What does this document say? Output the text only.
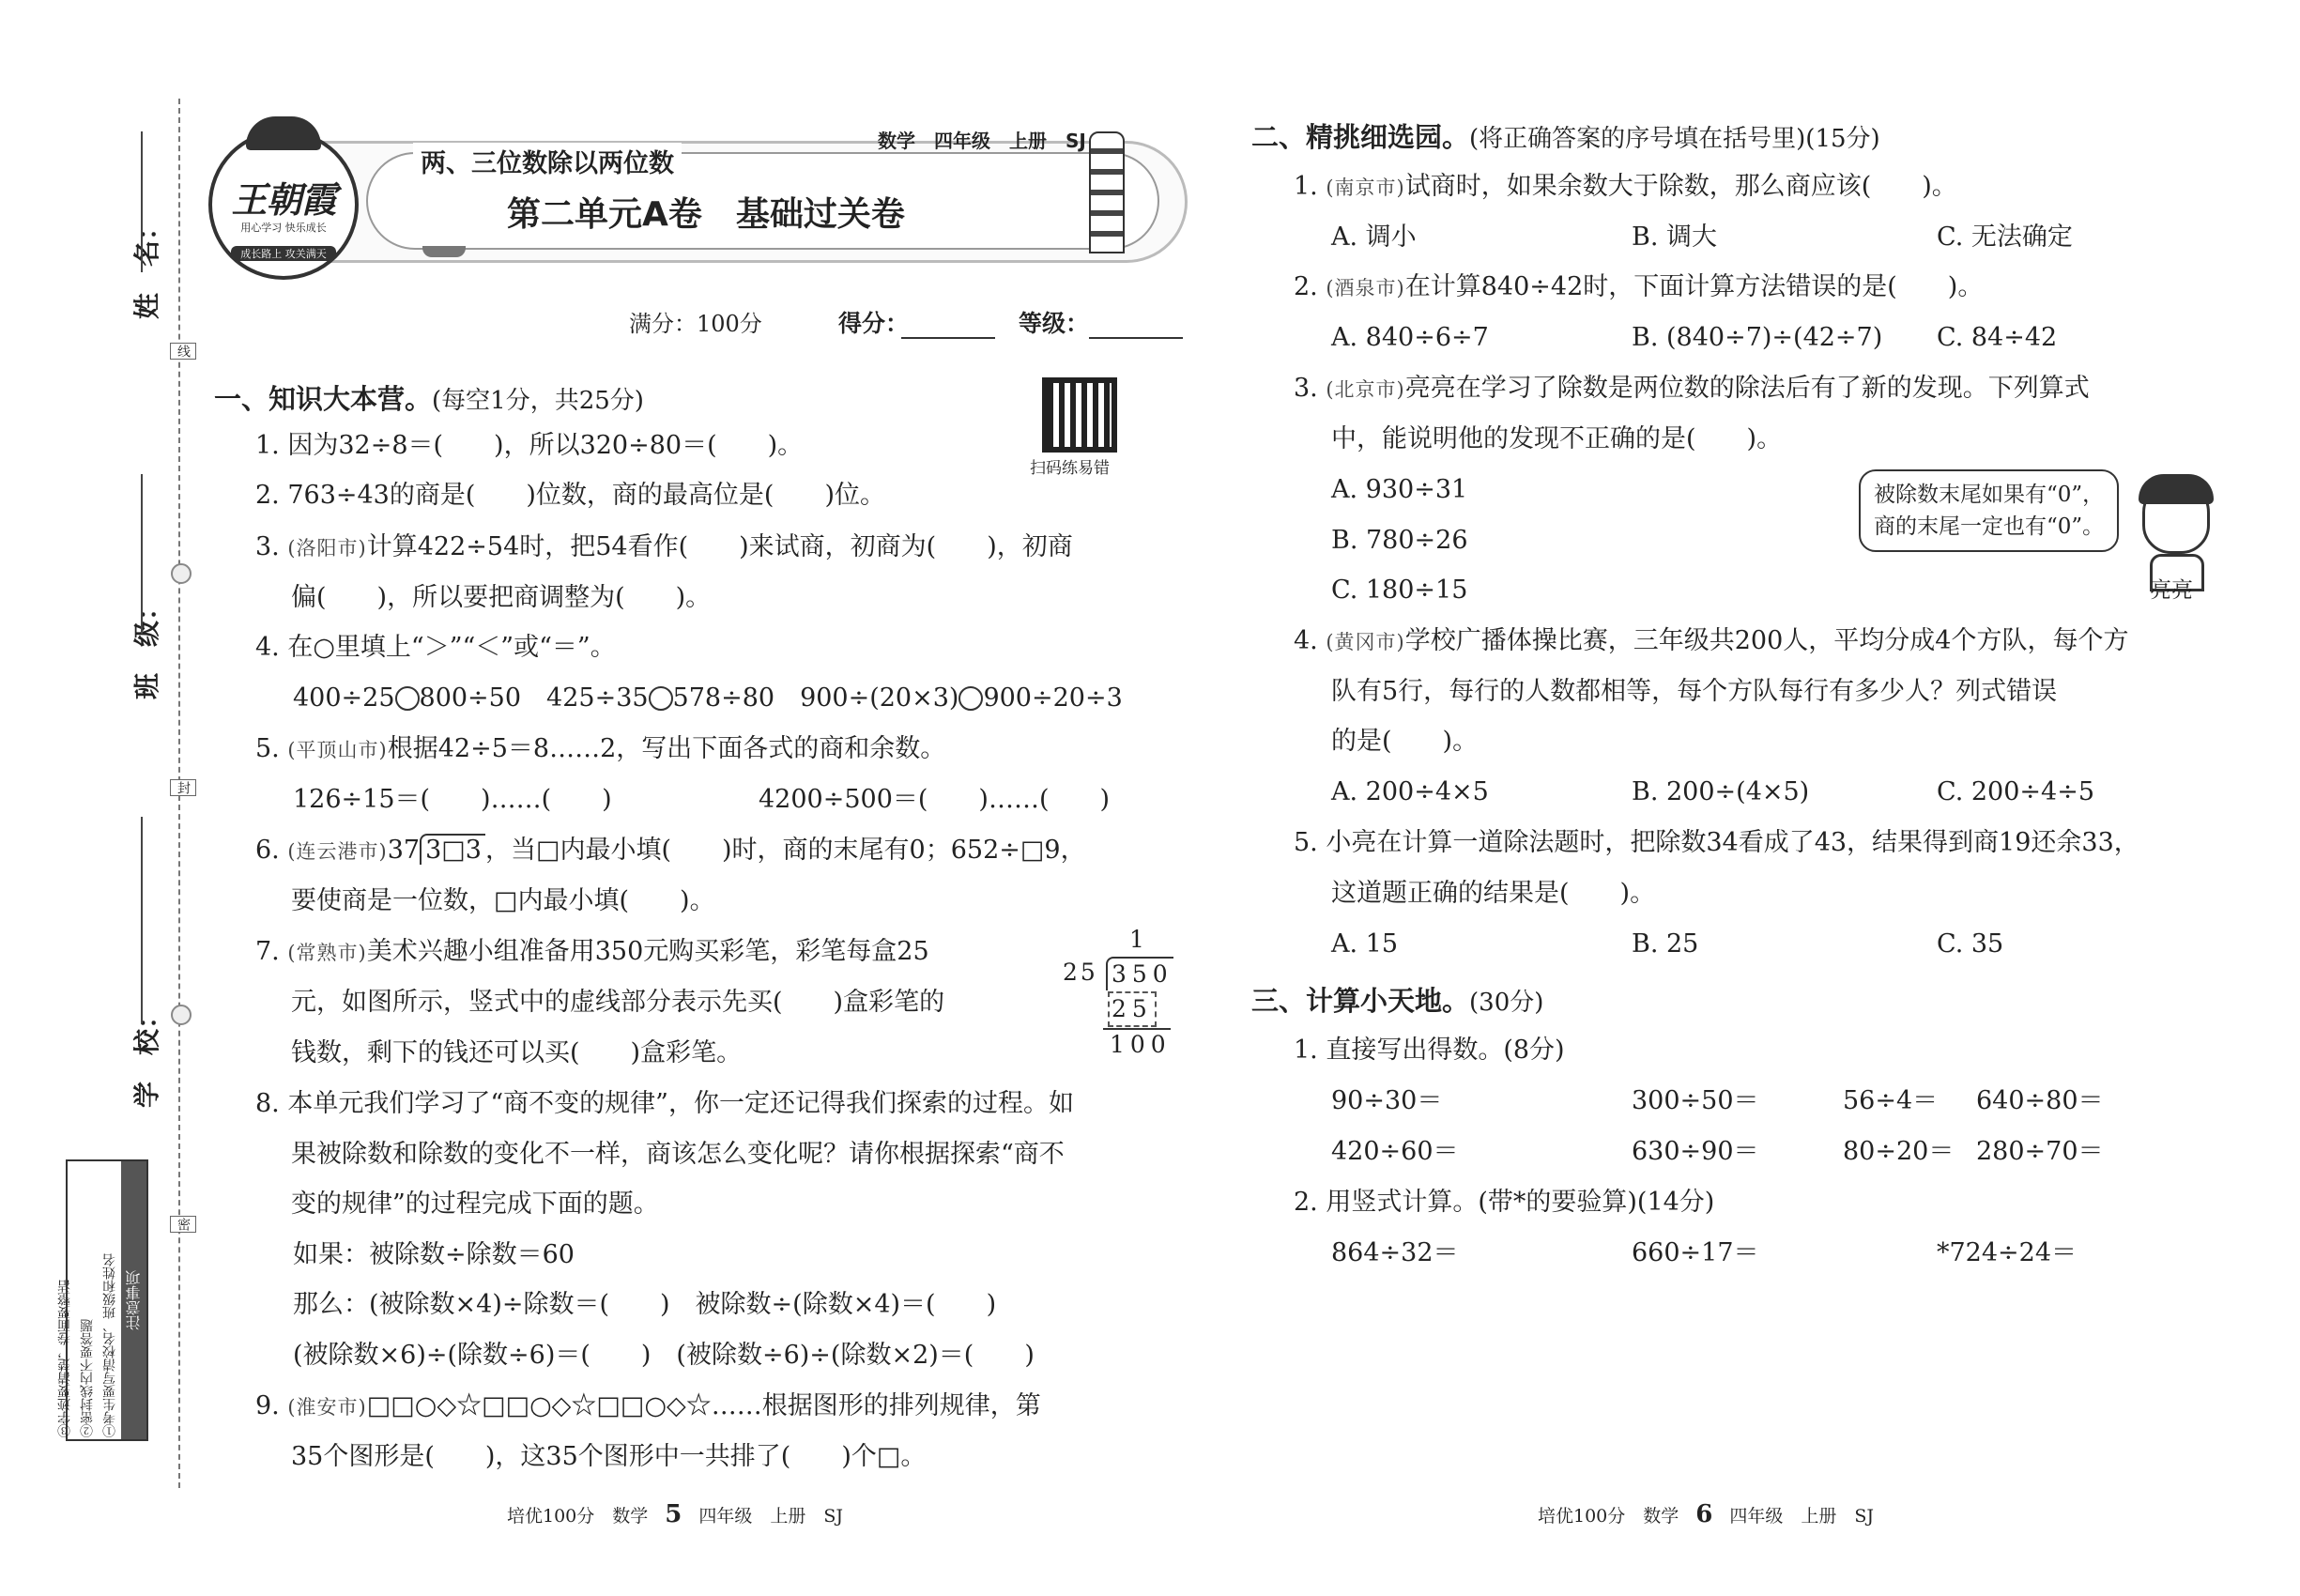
姓　名：
班　级：
学　校：
线
封
密
注意事项
①考生要写清校名、班级和姓名
②密封线内不要答题
③字迹要清楚，卷面要整洁
王朝霞
用心学习 快乐成长
成长路上 攻关满天
两、三位数除以两位数
数学　四年级　上册　SJ
第二单元A卷　基础过关卷
满分：100分	得分：	等级：
扫码练易错
一、知识大本营。(每空1分，共25分)
1. 因为32÷8＝(　　)，所以320÷80＝(　　)。
2. 763÷43的商是(　　)位数，商的最高位是(　　)位。
3. (洛阳市)计算422÷54时，把54看作(　　)来试商，初商为(　　)，初商
偏(　　)，所以要把商调整为(　　)。
4. 在○里填上“＞”“＜”或“＝”。
400÷25 800÷50　 425÷35 578÷80　 900÷(20×3) 900÷20÷3
5. (平顶山市)根据42÷5＝8……2，写出下面各式的商和余数。
126÷15＝(　　)……(　　)	4200÷500＝(　　)……(　　)
6. (连云港市)37 3□3 ，当□内最小填(　　)时，商的末尾有0；652÷□9，
要使商是一位数，□内最小填(　　)。
7. (常熟市)美术兴趣小组准备用350元购买彩笔，彩笔每盒25
元，如图所示，竖式中的虚线部分表示先买(　　)盒彩笔的
钱数，剩下的钱还可以买(　　)盒彩笔。
1
25 350
25
100
8. 本单元我们学习了“商不变的规律”，你一定还记得我们探索的过程。如
果被除数和除数的变化不一样，商该怎么变化呢？请你根据探索“商不
变的规律”的过程完成下面的题。
如果：被除数÷除数＝60
那么：(被除数×4)÷除数＝(　　)　被除数÷(除数×4)＝(　　)
(被除数×6)÷(除数÷6)＝(　　)　(被除数÷6)÷(除数×2)＝(　　)
9. (淮安市)□□○◇☆□□○◇☆□□○◇☆……根据图形的排列规律，第
35个图形是(　　)，这35个图形中一共排了(　　)个□。
二、精挑细选园。(将正确答案的序号填在括号里)(15分)
1. (南京市)试商时，如果余数大于除数，那么商应该(　　)。
A. 调小	B. 调大	C. 无法确定
2. (酒泉市)在计算840÷42时，下面计算方法错误的是(　　)。
A. 840÷6÷7	B. (840÷7)÷(42÷7) C. 84÷42
3. (北京市)亮亮在学习了除数是两位数的除法后有了新的发现。下列算式
中，能说明他的发现不正确的是(　　)。
A. 930÷31
B. 780÷26
C. 180÷15
被除数末尾如果有“0”，
商的末尾一定也有“0”。
亮亮
4. (黄冈市)学校广播体操比赛，三年级共200人，平均分成4个方队，每个方
队有5行，每行的人数都相等，每个方队每行有多少人？列式错误
的是(　　)。
A. 200÷4×5	B. 200÷(4×5)	C. 200÷4÷5
5. 小亮在计算一道除法题时，把除数34看成了43，结果得到商19还余33，
这道题正确的结果是(　　)。
A. 15	B. 25	C. 35
三、计算小天地。(30分)
1. 直接写出得数。(8分)
90÷30＝	300÷50＝	56÷4＝ 640÷80＝
420÷60＝	630÷90＝	80÷20＝ 280÷70＝
2. 用竖式计算。(带*的要验算)(14分)
864÷32＝	660÷17＝	*724÷24＝
培优100分　数学 5 四年级　上册　SJ	培优100分　数学 6 四年级　上册　SJ
